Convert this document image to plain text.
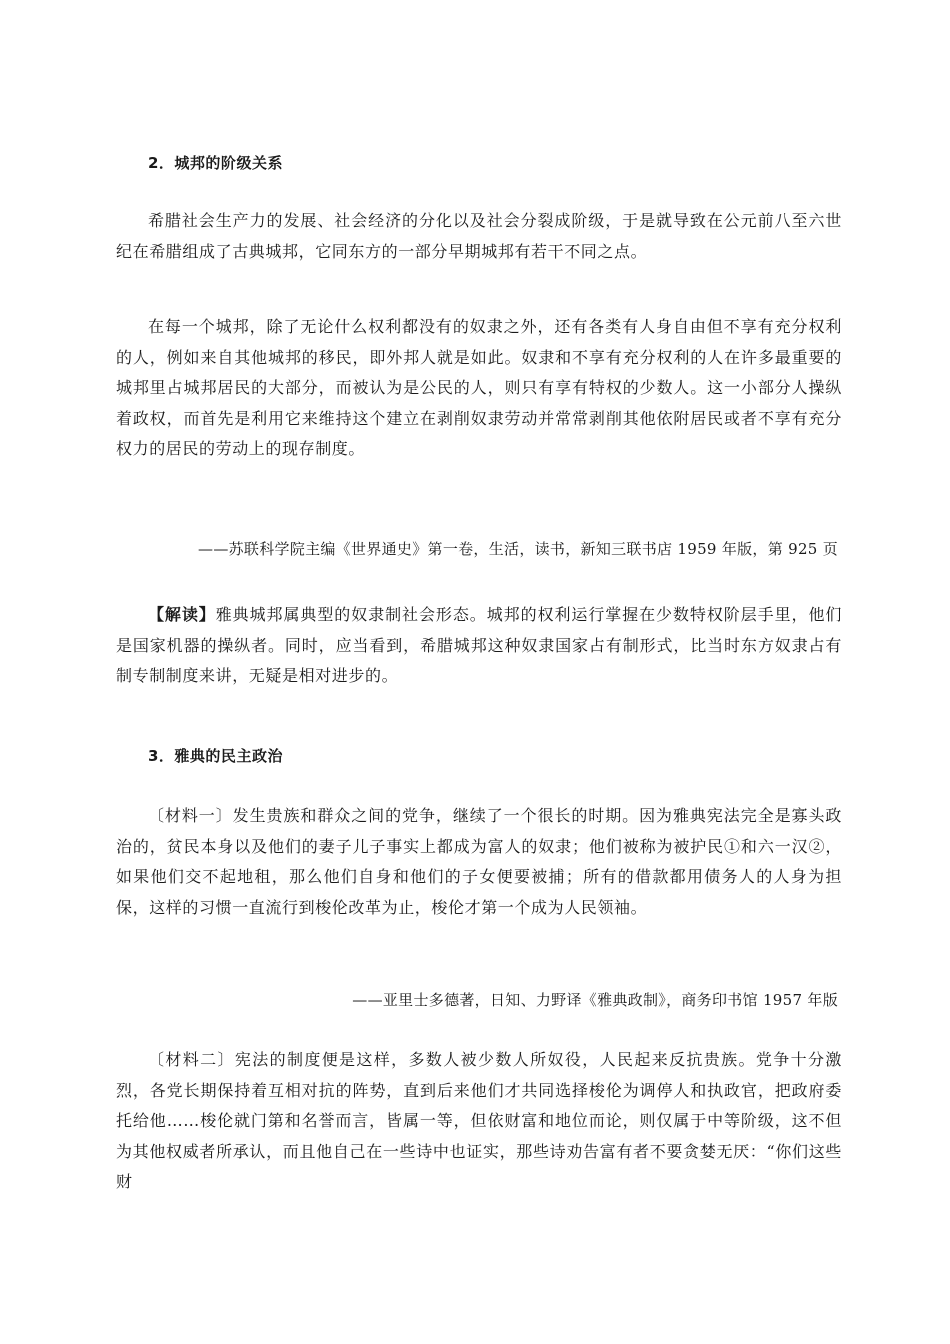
2．城邦的阶级关系
希腊社会生产力的发展、社会经济的分化以及社会分裂成阶级，于是就导致在公元前八至六世纪在希腊组成了古典城邦，它同东方的一部分早期城邦有若干不同之点。
在每一个城邦，除了无论什么权利都没有的奴隶之外，还有各类有人身自由但不享有充分权利的人，例如来自其他城邦的移民，即外邦人就是如此。奴隶和不享有充分权利的人在许多最重要的城邦里占城邦居民的大部分，而被认为是公民的人，则只有享有特权的少数人。这一小部分人操纵着政权，而首先是利用它来维持这个建立在剥削奴隶劳动并常常剥削其他依附居民或者不享有充分权力的居民的劳动上的现存制度。
——苏联科学院主编《世界通史》第一卷，生活，读书，新知三联书店 1959 年版，第 925 页
【解读】雅典城邦属典型的奴隶制社会形态。城邦的权利运行掌握在少数特权阶层手里，他们是国家机器的操纵者。同时，应当看到，希腊城邦这种奴隶国家占有制形式，比当时东方奴隶占有制专制制度来讲，无疑是相对进步的。
3．雅典的民主政治
〔材料一〕发生贵族和群众之间的党争，继续了一个很长的时期。因为雅典宪法完全是寡头政治的，贫民本身以及他们的妻子儿子事实上都成为富人的奴隶；他们被称为被护民①和六一汉②，如果他们交不起地租，那么他们自身和他们的子女便要被捕；所有的借款都用债务人的人身为担保，这样的习惯一直流行到梭伦改革为止，梭伦才第一个成为人民领袖。
——亚里士多德著，日知、力野译《雅典政制》，商务印书馆 1957 年版
〔材料二〕宪法的制度便是这样，多数人被少数人所奴役，人民起来反抗贵族。党争十分激烈，各党长期保持着互相对抗的阵势，直到后来他们才共同选择梭伦为调停人和执政官，把政府委托给他……梭伦就门第和名誉而言，皆属一等，但依财富和地位而论，则仅属于中等阶级，这不但为其他权威者所承认，而且他自己在一些诗中也证实，那些诗劝告富有者不要贪婪无厌：“你们这些财
